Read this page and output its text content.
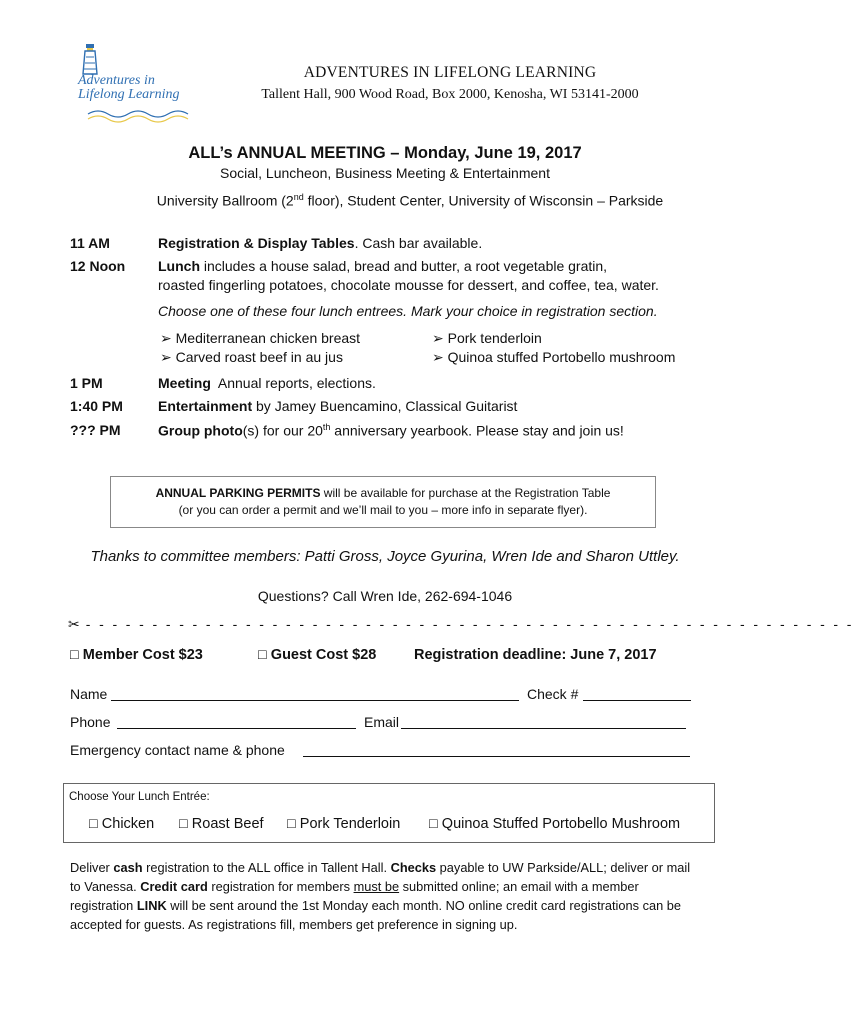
Adventures in
Lifelong Learning
ADVENTURES IN LIFELONG LEARNING
Tallent Hall, 900 Wood Road, Box 2000, Kenosha, WI 53141-2000
ALL’s ANNUAL MEETING – Monday, June 19, 2017
Social, Luncheon, Business Meeting & Entertainment
University Ballroom (2nd floor), Student Center, University of Wisconsin – Parkside
11 AM	Registration & Display Tables. Cash bar available.
12 Noon Lunch includes a house salad, bread and butter, a root vegetable gratin,
roasted fingerling potatoes, chocolate mousse for dessert, and coffee, tea, water.
Choose one of these four lunch entrees. Mark your choice in registration section.
➢ Mediterranean chicken breast	➢ Pork tenderloin
➢ Carved roast beef in au jus	➢ Quinoa stuffed Portobello mushroom
1 PM	Meeting  Annual reports, elections.
1:40 PM	Entertainment by Jamey Buencamino, Classical Guitarist
??? PM	Group photo(s) for our 20th anniversary yearbook. Please stay and join us!
ANNUAL PARKING PERMITS will be available for purchase at the Registration Table
(or you can order a permit and we’ll mail to you – more info in separate flyer).
Thanks to committee members: Patti Gross, Joyce Gyurina, Wren Ide and Sharon Uttley.
Questions? Call Wren Ide, 262-694-1046
✂ - - - - - - - - - - - - - - - - - - - - - - - - - - - - - - - - - - - - - - - - - - - - - - - - - - - - - - - - - -
□ Member Cost $23	□ Guest Cost $28	Registration deadline: June 7, 2017
Name	Check #
Phone	Email
Emergency contact name & phone
Choose Your Lunch Entrée:
□ Chicken □ Roast Beef □ Pork Tenderloin □ Quinoa Stuffed Portobello Mushroom
Deliver cash registration to the ALL office in Tallent Hall. Checks payable to UW Parkside/ALL; deliver or mail to Vanessa. Credit card registration for members must be submitted online; an email with a member registration LINK will be sent around the 1st Monday each month. NO online credit card registrations can be accepted for guests. As registrations fill, members get preference in signing up.
